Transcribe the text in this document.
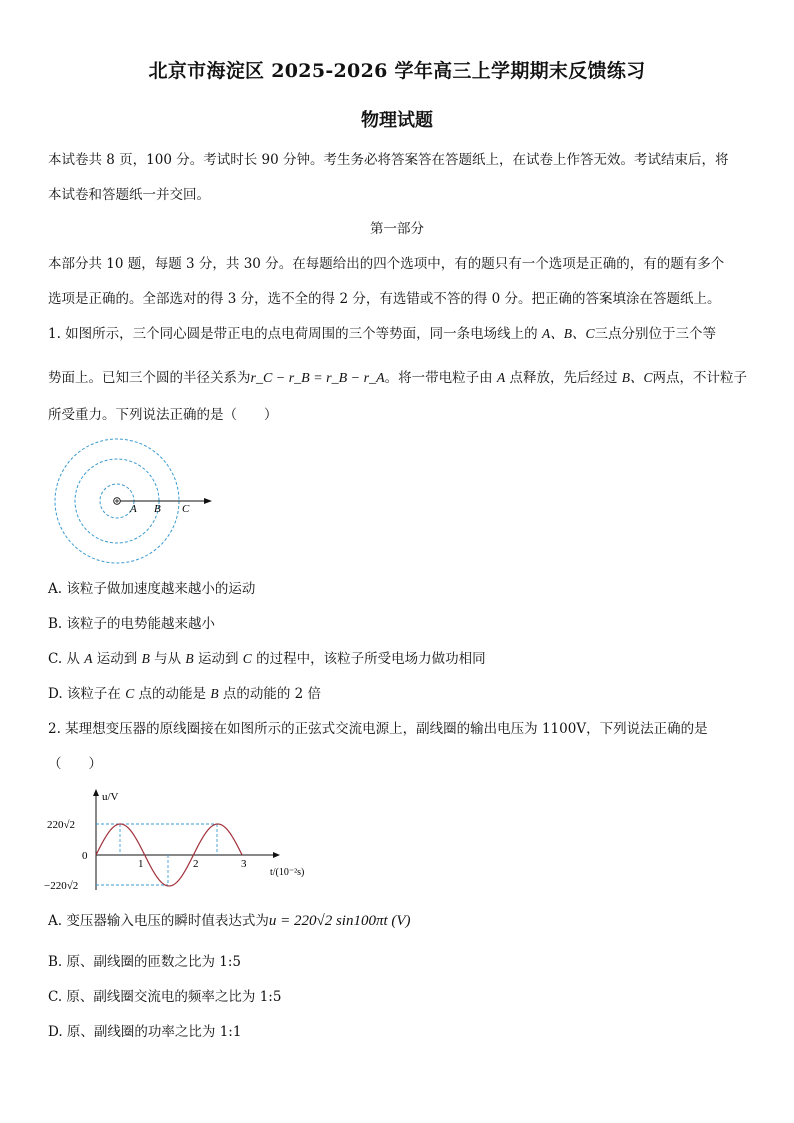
北京市海淀区 2025-2026 学年高三上学期期末反馈练习
物理试题
本试卷共 8 页，100 分。考试时长 90 分钟。考生务必将答案答在答题纸上，在试卷上作答无效。考试结束后，将
本试卷和答题纸一并交回。
第一部分
本部分共 10 题，每题 3 分，共 30 分。在每题给出的四个选项中，有的题只有一个选项是正确的，有的题有多个
选项是正确的。全部选对的得 3 分，选不全的得 2 分，有选错或不答的得 0 分。把正确的答案填涂在答题纸上。
1. 如图所示，三个同心圆是带正电的点电荷周围的三个等势面，同一条电场线上的 A、B、C三点分别位于三个等
势面上。已知三个圆的半径关系为r_C − r_B = r_B − r_A。将一带电粒子由 A 点释放，先后经过 B、C两点，不计粒子
所受重力。下列说法正确的是（　　）
A B C
A. 该粒子做加速度越来越小的运动
B. 该粒子的电势能越来越小
C. 从 A 运动到 B 与从 B 运动到 C 的过程中，该粒子所受电场力做功相同
D. 该粒子在 C 点的动能是 B 点的动能的 2 倍
2. 某理想变压器的原线圈接在如图所示的正弦式交流电源上，副线圈的输出电压为 1100V，下列说法正确的是
（　　）
u/V
220√2
0
−220√2
1	2	3
t/(10⁻²s)
A. 变压器输入电压的瞬时值表达式为u = 220√2 sin100πt (V)
B. 原、副线圈的匝数之比为 1:5
C. 原、副线圈交流电的频率之比为 1:5
D. 原、副线圈的功率之比为 1:1
